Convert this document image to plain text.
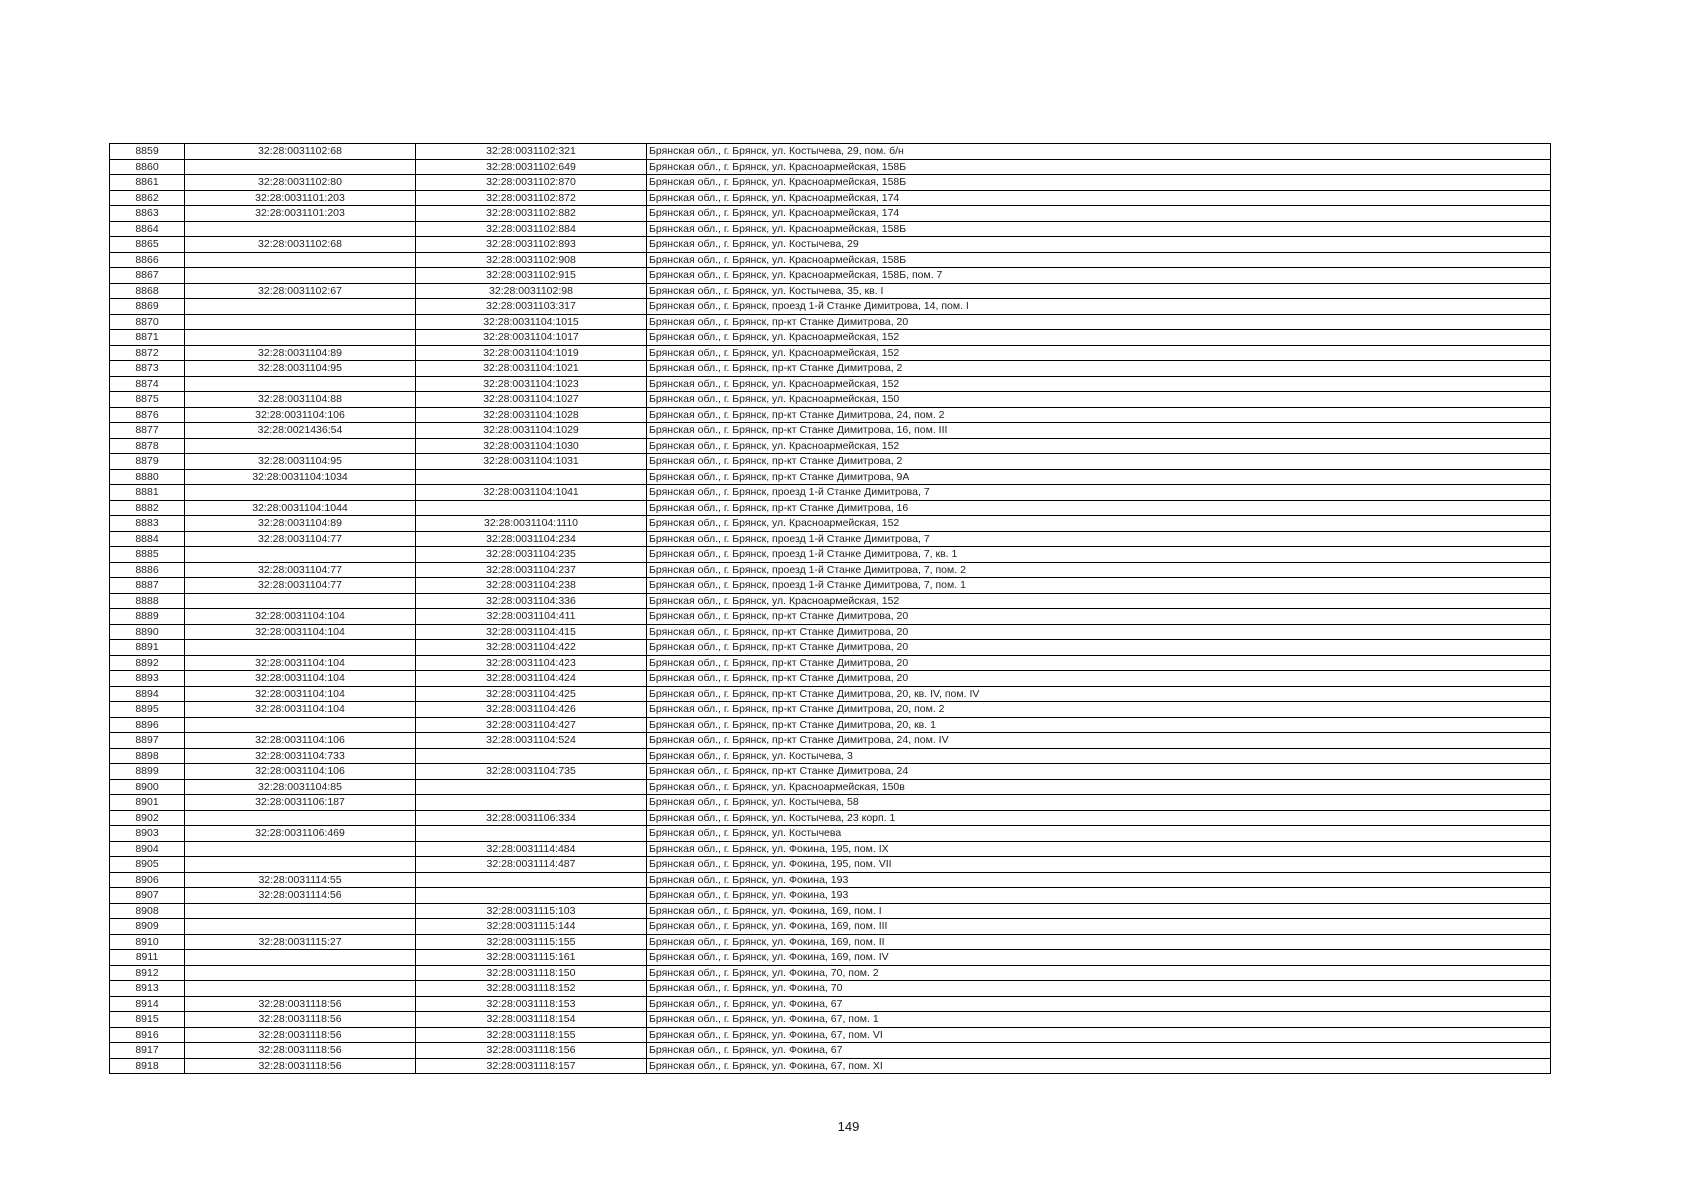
8859	32:28:0031102:68	32:28:0031102:321	Брянская обл., г. Брянск, ул. Костычева, 29, пом. б/н
8860		32:28:0031102:649	Брянская обл., г. Брянск, ул. Красноармейская, 158Б
8861	32:28:0031102:80	32:28:0031102:870	Брянская обл., г. Брянск, ул. Красноармейская, 158Б
8862	32:28:0031101:203	32:28:0031102:872	Брянская обл., г. Брянск, ул. Красноармейская, 174
8863	32:28:0031101:203	32:28:0031102:882	Брянская обл., г. Брянск, ул. Красноармейская, 174
8864		32:28:0031102:884	Брянская обл., г. Брянск, ул. Красноармейская, 158Б
8865	32:28:0031102:68	32:28:0031102:893	Брянская обл., г. Брянск, ул. Костычева, 29
8866		32:28:0031102:908	Брянская обл., г. Брянск, ул. Красноармейская, 158Б
8867		32:28:0031102:915	Брянская обл., г. Брянск, ул. Красноармейская, 158Б, пом. 7
8868	32:28:0031102:67	32:28:0031102:98	Брянская обл., г. Брянск, ул. Костычева, 35, кв. I
8869		32:28:0031103:317	Брянская обл., г. Брянск, проезд 1-й Станке Димитрова, 14, пом. I
8870		32:28:0031104:1015	Брянская обл., г. Брянск, пр-кт Станке Димитрова, 20
8871		32:28:0031104:1017	Брянская обл., г. Брянск, ул. Красноармейская, 152
8872	32:28:0031104:89	32:28:0031104:1019	Брянская обл., г. Брянск, ул. Красноармейская, 152
8873	32:28:0031104:95	32:28:0031104:1021	Брянская обл., г. Брянск, пр-кт Станке Димитрова, 2
8874		32:28:0031104:1023	Брянская обл., г. Брянск, ул. Красноармейская, 152
8875	32:28:0031104:88	32:28:0031104:1027	Брянская обл., г. Брянск, ул. Красноармейская, 150
8876	32:28:0031104:106	32:28:0031104:1028	Брянская обл., г. Брянск, пр-кт Станке Димитрова, 24, пом. 2
8877	32:28:0021436:54	32:28:0031104:1029	Брянская обл., г. Брянск, пр-кт Станке Димитрова, 16, пом. III
8878		32:28:0031104:1030	Брянская обл., г. Брянск, ул. Красноармейская, 152
8879	32:28:0031104:95	32:28:0031104:1031	Брянская обл., г. Брянск, пр-кт Станке Димитрова, 2
8880	32:28:0031104:1034		Брянская обл., г. Брянск, пр-кт Станке Димитрова, 9А
8881		32:28:0031104:1041	Брянская обл., г. Брянск, проезд 1-й Станке Димитрова, 7
8882	32:28:0031104:1044		Брянская обл., г. Брянск, пр-кт Станке Димитрова, 16
8883	32:28:0031104:89	32:28:0031104:1110	Брянская обл., г. Брянск, ул. Красноармейская, 152
8884	32:28:0031104:77	32:28:0031104:234	Брянская обл., г. Брянск, проезд 1-й Станке Димитрова, 7
8885		32:28:0031104:235	Брянская обл., г. Брянск, проезд 1-й Станке Димитрова, 7, кв. 1
8886	32:28:0031104:77	32:28:0031104:237	Брянская обл., г. Брянск, проезд 1-й Станке Димитрова, 7, пом. 2
8887	32:28:0031104:77	32:28:0031104:238	Брянская обл., г. Брянск, проезд 1-й Станке Димитрова, 7, пом. 1
8888		32:28:0031104:336	Брянская обл., г. Брянск, ул. Красноармейская, 152
8889	32:28:0031104:104	32:28:0031104:411	Брянская обл., г. Брянск, пр-кт Станке Димитрова, 20
8890	32:28:0031104:104	32:28:0031104:415	Брянская обл., г. Брянск, пр-кт Станке Димитрова, 20
8891		32:28:0031104:422	Брянская обл., г. Брянск, пр-кт Станке Димитрова, 20
8892	32:28:0031104:104	32:28:0031104:423	Брянская обл., г. Брянск, пр-кт Станке Димитрова, 20
8893	32:28:0031104:104	32:28:0031104:424	Брянская обл., г. Брянск, пр-кт Станке Димитрова, 20
8894	32:28:0031104:104	32:28:0031104:425	Брянская обл., г. Брянск, пр-кт Станке Димитрова, 20, кв. IV, пом. IV
8895	32:28:0031104:104	32:28:0031104:426	Брянская обл., г. Брянск, пр-кт Станке Димитрова, 20, пом. 2
8896		32:28:0031104:427	Брянская обл., г. Брянск, пр-кт Станке Димитрова, 20, кв. 1
8897	32:28:0031104:106	32:28:0031104:524	Брянская обл., г. Брянск, пр-кт Станке Димитрова, 24, пом. IV
8898	32:28:0031104:733		Брянская обл., г. Брянск, ул. Костычева, 3
8899	32:28:0031104:106	32:28:0031104:735	Брянская обл., г. Брянск, пр-кт Станке Димитрова, 24
8900	32:28:0031104:85		Брянская обл., г. Брянск, ул. Красноармейская, 150в
8901	32:28:0031106:187		Брянская обл., г. Брянск, ул. Костычева, 58
8902		32:28:0031106:334	Брянская обл., г. Брянск, ул. Костычева, 23 корп. 1
8903	32:28:0031106:469		Брянская обл., г. Брянск, ул. Костычева
8904		32:28:0031114:484	Брянская обл., г. Брянск, ул. Фокина, 195, пом. IX
8905		32:28:0031114:487	Брянская обл., г. Брянск, ул. Фокина, 195, пом. VII
8906	32:28:0031114:55		Брянская обл., г. Брянск, ул. Фокина, 193
8907	32:28:0031114:56		Брянская обл., г. Брянск, ул. Фокина, 193
8908		32:28:0031115:103	Брянская обл., г. Брянск, ул. Фокина, 169, пом. I
8909		32:28:0031115:144	Брянская обл., г. Брянск, ул. Фокина, 169, пом. III
8910	32:28:0031115:27	32:28:0031115:155	Брянская обл., г. Брянск, ул. Фокина, 169, пом. II
8911		32:28:0031115:161	Брянская обл., г. Брянск, ул. Фокина, 169, пом. IV
8912		32:28:0031118:150	Брянская обл., г. Брянск, ул. Фокина, 70, пом. 2
8913		32:28:0031118:152	Брянская обл., г. Брянск, ул. Фокина, 70
8914	32:28:0031118:56	32:28:0031118:153	Брянская обл., г. Брянск, ул. Фокина, 67
8915	32:28:0031118:56	32:28:0031118:154	Брянская обл., г. Брянск, ул. Фокина, 67, пом. 1
8916	32:28:0031118:56	32:28:0031118:155	Брянская обл., г. Брянск, ул. Фокина, 67, пом. VI
8917	32:28:0031118:56	32:28:0031118:156	Брянская обл., г. Брянск, ул. Фокина, 67
8918	32:28:0031118:56	32:28:0031118:157	Брянская обл., г. Брянск, ул. Фокина, 67, пом. XI
149
